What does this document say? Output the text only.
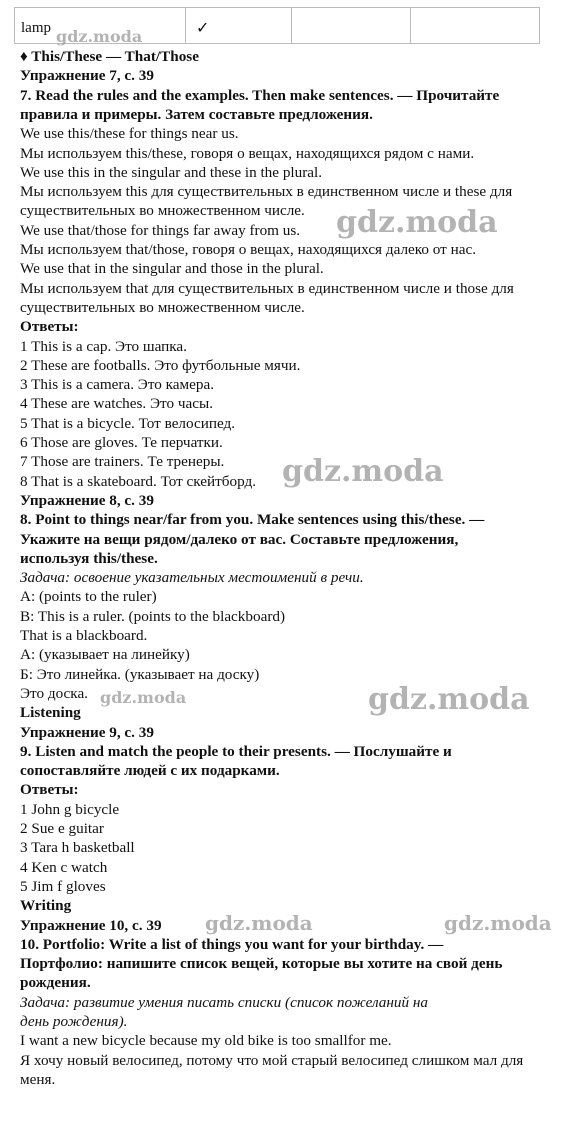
lamp	✓
♦ This/These — That/Those
Упражнение 7, с. 39
7. Read the rules and the examples. Then make sentences. — Прочитайте
правила и примеры. Затем составьте предложения.
We use this/these for things near us.
Мы используем this/these, говоря о вещах, находящихся рядом с нами.
We use this in the singular and these in the plural.
Мы используем this для существительных в единственном числе и these для
существительных во множественном числе.
We use that/those for things far away from us.
Мы используем that/those, говоря о вещах, находящихся далеко от нас.
We use that in the singular and those in the plural.
Мы используем that для существительных в единственном числе и those для
существительных во множественном числе.
Ответы:
1 This is a cap. Это шапка.
2 These are footballs. Это футбольные мячи.
3 This is a camera. Это камера.
4 These are watches. Это часы.
5 That is a bicycle. Тот велосипед.
6 Those are gloves. Те перчатки.
7 Those are trainers. Те тренеры.
8 That is a skateboard. Тот скейтборд.
Упражнение 8, с. 39
8. Point to things near/far from you. Make sentences using this/these. —
Укажите на вещи рядом/далеко от вас. Составьте предложения,
используя this/these.
Задача: освоение указательных местоимений в речи.
A: (points to the ruler)
B: This is a ruler. (points to the blackboard)
That is a blackboard.
А: (указывает на линейку)
Б: Это линейка. (указывает на доску)
Это доска.
Listening
Упражнение 9, с. 39
9. Listen and match the people to their presents. — Послушайте и
сопоставляйте людей с их подарками.
Ответы:
1 John g bicycle
2 Sue e guitar
3 Tara h basketball
4 Ken c watch
5 Jim f gloves
Writing
Упражнение 10, с. 39
10. Portfolio: Write a list of things you want for your birthday. —
Портфолио: напишите список вещей, которые вы хотите на свой день
рождения.
Задача: развитие умения писать списки (список пожеланий на
день рождения).
I want a new bicycle because my old bike is too smallfor me.
Я хочу новый велосипед, потому что мой старый велосипед слишком мал для
меня.
gdz.moda
gdz.moda
gdz.moda
gdz.moda	gdz.moda
gdz.moda	gdz.moda
